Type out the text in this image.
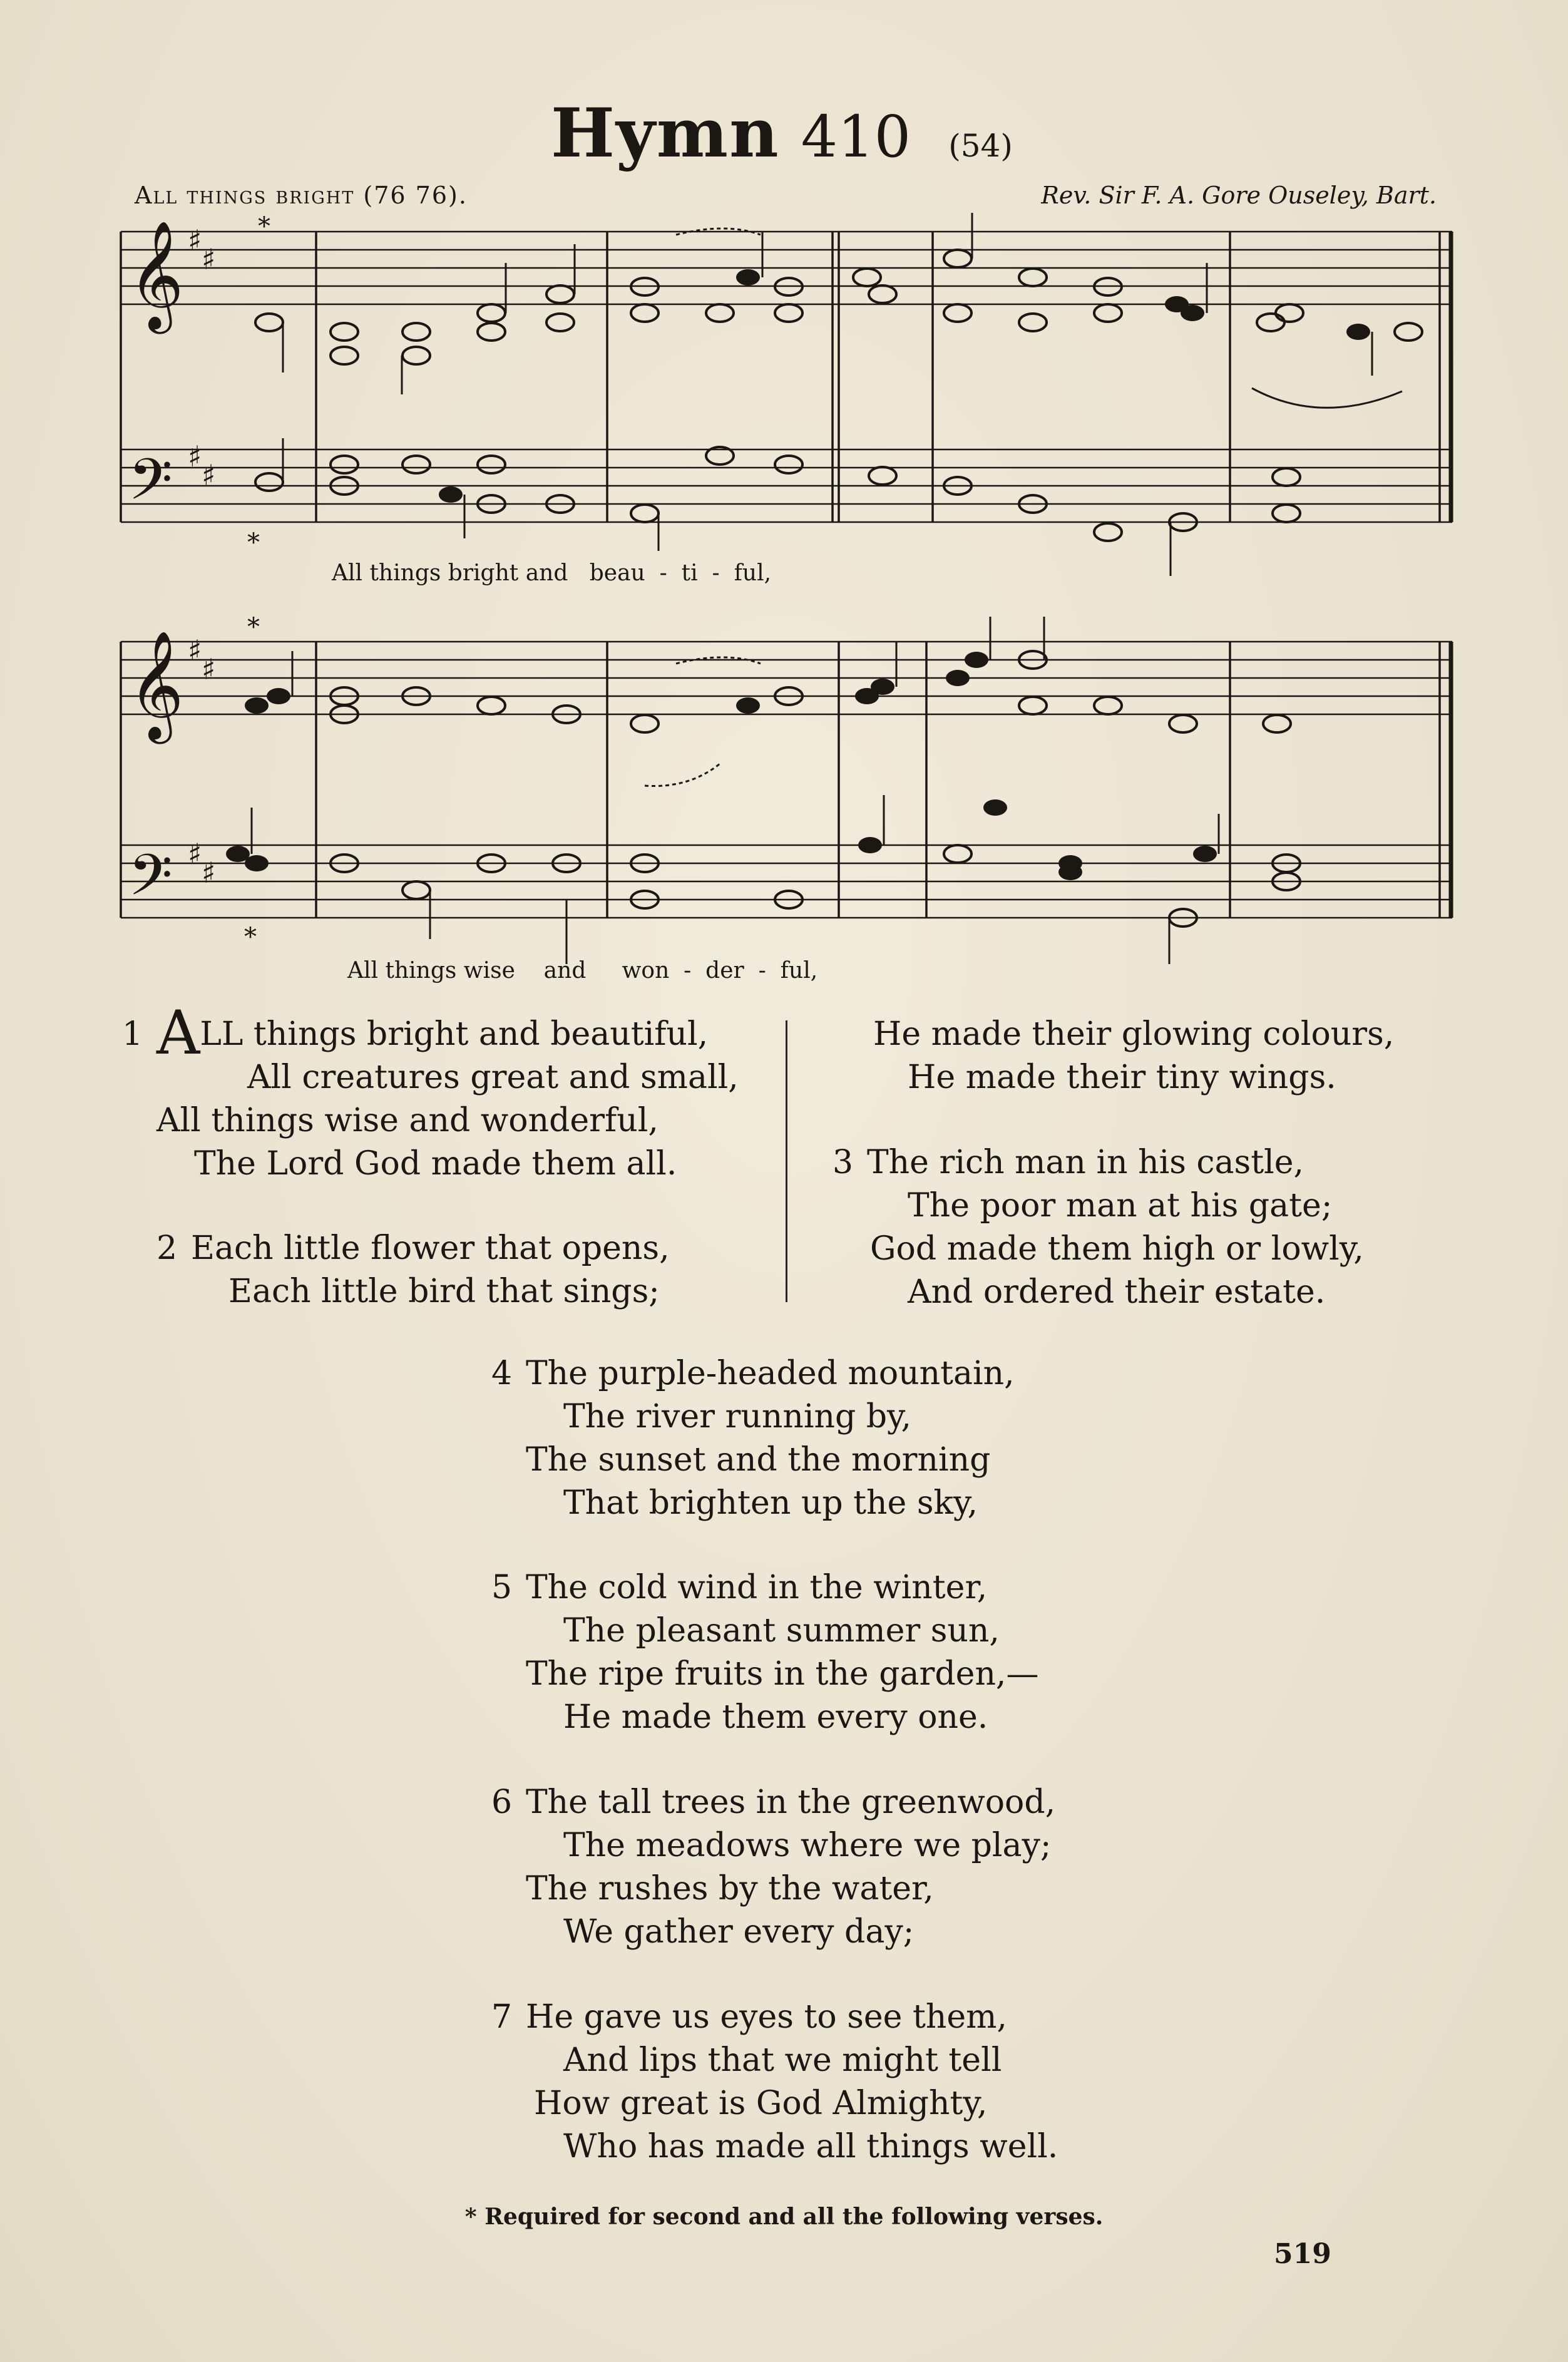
Hymn 410 (54)
All things bright (76 76).	Rev. Sir F. A. Gore Ouseley, Bart.
𝄞
𝄢
𝄞
𝄢
♯
♯
♯
♯
♯
♯
♯
♯
*
*
*
*
All things bright and   beau  -  ti  -  ful,
All things wise    and     won  -  der  -  ful,
1 ALL things bright and beautiful,
All creatures great and small,
All things wise and wonderful,
The Lord God made them all.
2 Each little flower that opens,
Each little bird that sings;
He made their glowing colours,
He made their tiny wings.
3 The rich man in his castle,
The poor man at his gate;
God made them high or lowly,
And ordered their estate.
4 The purple-headed mountain,
The river running by,
The sunset and the morning
That brighten up the sky,
5 The cold wind in the winter,
The pleasant summer sun,
The ripe fruits in the garden,—
He made them every one.
6 The tall trees in the greenwood,
The meadows where we play;
The rushes by the water,
We gather every day;
7 He gave us eyes to see them,
And lips that we might tell
How great is God Almighty,
Who has made all things well.
* Required for second and all the following verses.
519
